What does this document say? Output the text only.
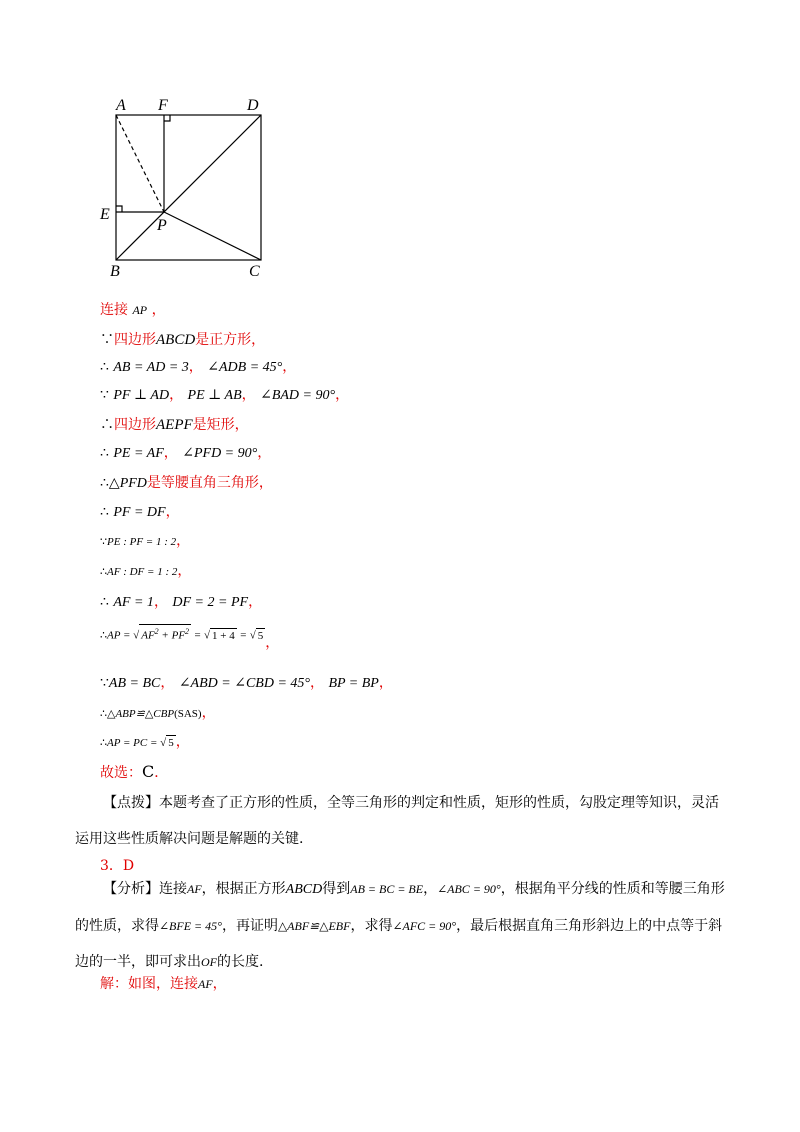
A F	D
E
P
B	C
连接 AP ，
∵四边形ABCD是正方形，
∴ AB = AD = 3， ∠ADB = 45°，
∵ PF ⊥ AD， PE ⊥ AB， ∠BAD = 90°，
∴四边形AEPF是矩形，
∴ PE = AF， ∠PFD = 90°，
∴△PFD是等腰直角三角形，
∴ PF = DF，
∵PE : PF = 1 : 2，
∴AF : DF = 1 : 2，
∴ AF = 1， DF = 2 = PF，
∴AP = √ $AF^2 + PF^2$ = √ 1 + 4 = √ 5 ，
∵AB = BC， ∠ABD = ∠CBD = 45°， BP = BP，
∴△ABP≌△CBP(SAS)，
∴AP = PC = √ 5 ，
故选：C．
【点拨】本题考查了正方形的性质，全等三角形的判定和性质，矩形的性质，勾股定理等知识，灵活运用这些性质解决问题是解题的关键.
3．D
【分析】连接AF，根据正方形ABCD得到AB = BC = BE，∠ABC = 90°，根据角平分线的性质和等腰三角形的性质，求得∠BFE = 45°，再证明△ABF≌△EBF，求得∠AFC = 90°，最后根据直角三角形斜边上的中点等于斜边的一半，即可求出OF的长度.
解：如图，连接AF，
